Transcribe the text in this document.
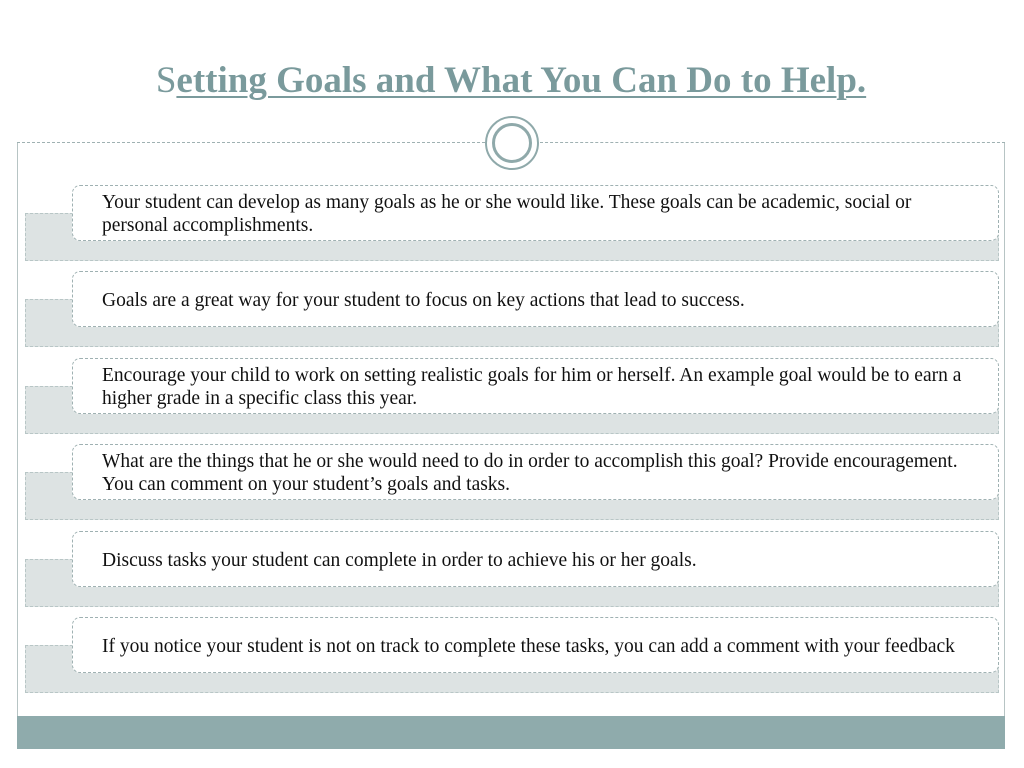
Setting Goals and What You Can Do to Help.

Your student can develop as many goals as he or she would like. These goals can be academic, social or personal accomplishments.

Goals are a great way for your student to focus on key actions that lead to success.

Encourage your child to work on setting realistic goals for him or herself. An example goal would be to earn a higher grade in a specific class this year.

What are the things that he or she would need to do in order to accomplish this goal? Provide encouragement. You can comment on your student’s goals and tasks.

Discuss tasks your student can complete in order to achieve his or her goals.

If you notice your student is not on track to complete these tasks, you can add a comment with your feedback
